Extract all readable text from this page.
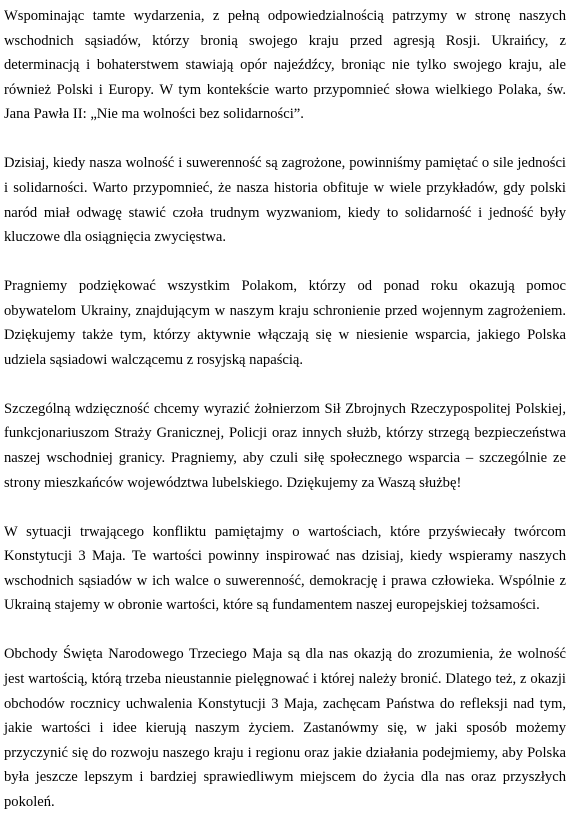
Wspominając tamte wydarzenia, z pełną odpowiedzialnością patrzymy w stronę naszych wschodnich sąsiadów, którzy bronią swojego kraju przed agresją Rosji. Ukraińcy, z determinacją i bohaterstwem stawiają opór najeźdźcy, broniąc nie tylko swojego kraju, ale również Polski i Europy. W tym kontekście warto przypomnieć słowa wielkiego Polaka, św. Jana Pawła II: „Nie ma wolności bez solidarności”.

Dzisiaj, kiedy nasza wolność i suwerenność są zagrożone, powinniśmy pamiętać o sile jedności i solidarności. Warto przypomnieć, że nasza historia obfituje w wiele przykładów, gdy polski naród miał odwagę stawić czoła trudnym wyzwaniom, kiedy to solidarność i jedność były kluczowe dla osiągnięcia zwycięstwa.

Pragniemy podziękować wszystkim Polakom, którzy od ponad roku okazują pomoc obywatelom Ukrainy, znajdującym w naszym kraju schronienie przed wojennym zagrożeniem. Dziękujemy także tym, którzy aktywnie włączają się w niesienie wsparcia, jakiego Polska udziela sąsiadowi walczącemu z rosyjską napaścią.

Szczególną wdzięczność chcemy wyrazić żołnierzom Sił Zbrojnych Rzeczypospolitej Polskiej, funkcjonariuszom Straży Granicznej, Policji oraz innych służb, którzy strzegą bezpieczeństwa naszej wschodniej granicy. Pragniemy, aby czuli siłę społecznego wsparcia – szczególnie ze strony mieszkańców województwa lubelskiego. Dziękujemy za Waszą służbę!

W sytuacji trwającego konfliktu pamiętajmy o wartościach, które przyświecały twórcom Konstytucji 3 Maja. Te wartości powinny inspirować nas dzisiaj, kiedy wspieramy naszych wschodnich sąsiadów w ich walce o suwerenność, demokrację i prawa człowieka. Wspólnie z Ukrainą stajemy w obronie wartości, które są fundamentem naszej europejskiej tożsamości.

Obchody Święta Narodowego Trzeciego Maja są dla nas okazją do zrozumienia, że wolność jest wartością, którą trzeba nieustannie pielęgnować i której należy bronić. Dlatego też, z okazji obchodów rocznicy uchwalenia Konstytucji 3 Maja, zachęcam Państwa do refleksji nad tym, jakie wartości i idee kierują naszym życiem. Zastanówmy się, w jaki sposób możemy przyczynić się do rozwoju naszego kraju i regionu oraz jakie działania podejmiemy, aby Polska była jeszcze lepszym i bardziej sprawiedliwym miejscem do życia dla nas oraz przyszłych pokoleń.
